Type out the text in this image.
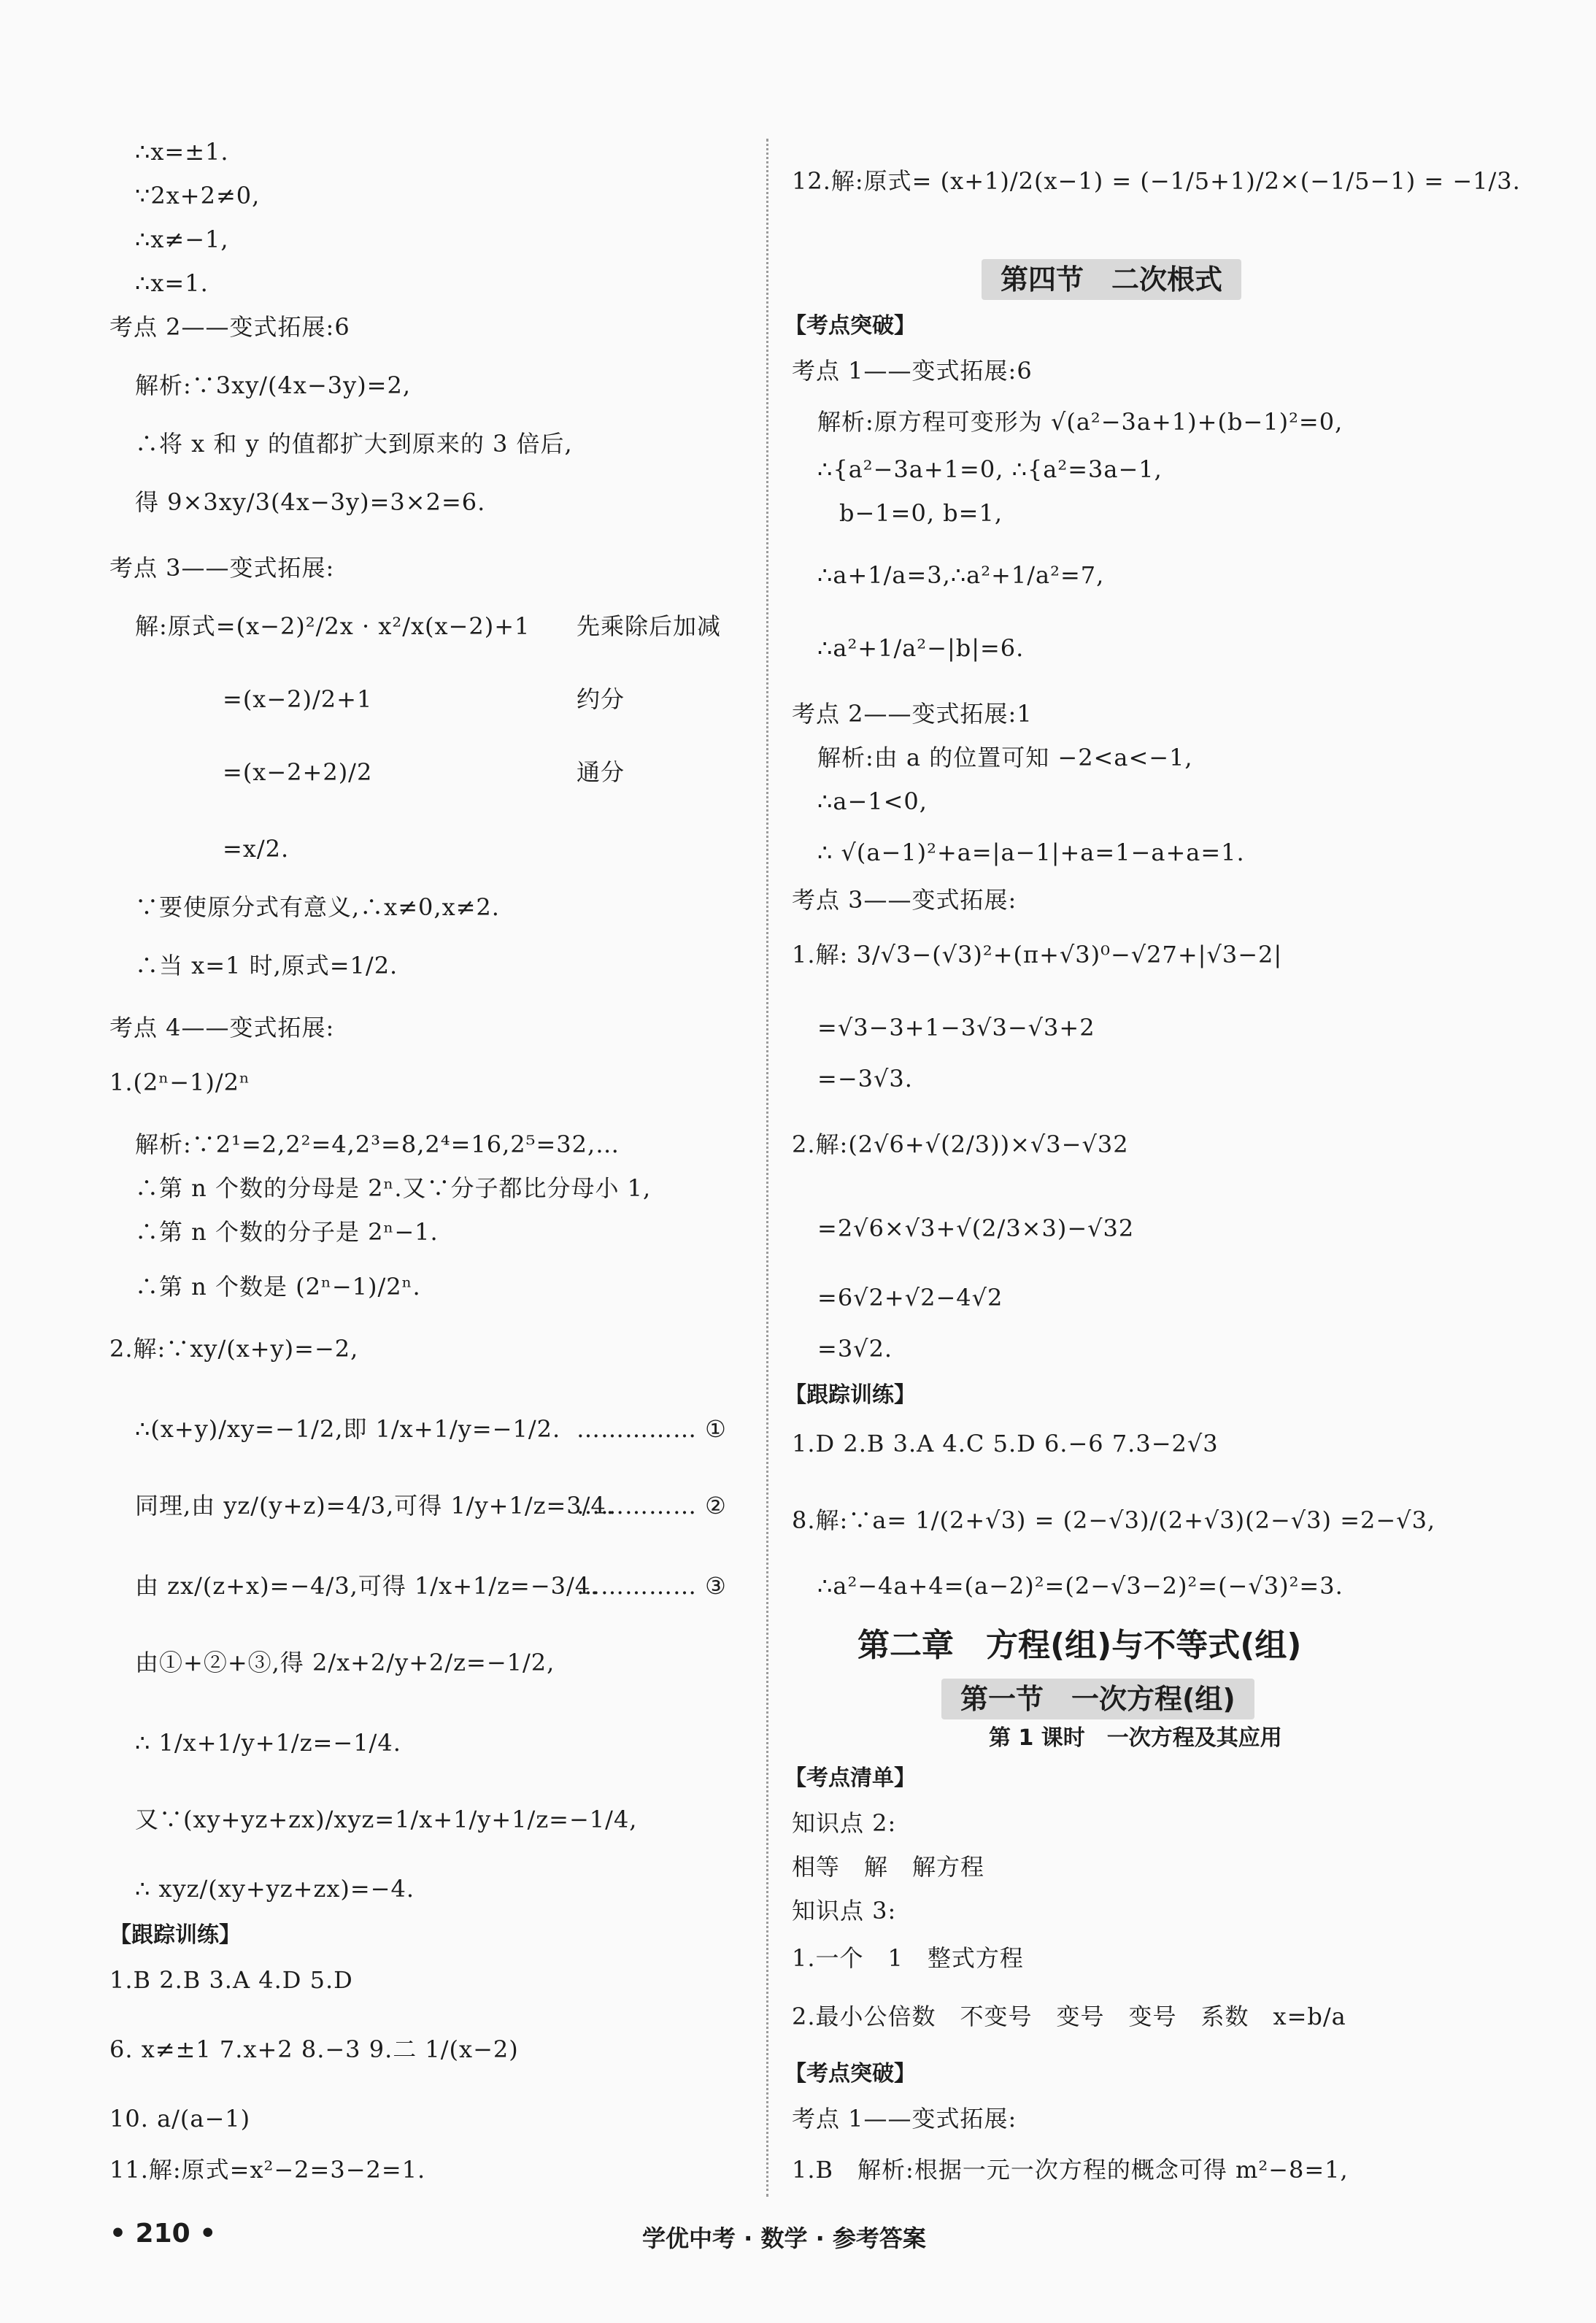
∴x=±1.
∵2x+2≠0,
∴x≠−1,
∴x=1.
考点 2——变式拓展:6
解析:∵3xy/(4x−3y)=2,
∴将 x 和 y 的值都扩大到原来的 3 倍后,
得 9×3xy/3(4x−3y)=3×2=6.
考点 3——变式拓展:
解:原式=(x−2)²/2x · x²/x(x−2)+1 先乘除后加减
=(x−2)/2+1	约分
=(x−2+2)/2	通分
=x/2.
∵要使原分式有意义,∴x≠0,x≠2.
∴当 x=1 时,原式=1/2.
考点 4——变式拓展:
1.(2ⁿ−1)/2ⁿ
解析:∵2¹=2,2²=4,2³=8,2⁴=16,2⁵=32,…
∴第 n 个数的分母是 2ⁿ.又∵分子都比分母小 1,
∴第 n 个数的分子是 2ⁿ−1.
∴第 n 个数是 (2ⁿ−1)/2ⁿ.
2.解:∵xy/(x+y)=−2,
∴(x+y)/xy=−1/2,即 1/x+1/y=−1/2. …………… ①
同理,由 yz/(y+z)=4/3,可得 1/y+1/z=3/4.
…………… ②
由 zx/(z+x)=−4/3,可得 1/x+1/z=−3/4.
…………… ③
由①+②+③,得 2/x+2/y+2/z=−1/2,
∴ 1/x+1/y+1/z=−1/4.
又∵(xy+yz+zx)/xyz=1/x+1/y+1/z=−1/4,
∴ xyz/(xy+yz+zx)=−4.
【跟踪训练】
1.B 2.B 3.A 4.D 5.D
6. x≠±1 7.x+2 8.−3 9.二 1/(x−2)
10. a/(a−1)
11.解:原式=x²−2=3−2=1.
12.解:原式= (x+1)/2(x−1) = (−1/5+1)/2×(−1/5−1) = −1/3.
第四节　二次根式
【考点突破】
考点 1——变式拓展:6
解析:原方程可变形为 √(a²−3a+1)+(b−1)²=0,
∴{a²−3a+1=0, ∴{a²=3a−1,
b−1=0, b=1,
∴a+1/a=3,∴a²+1/a²=7,
∴a²+1/a²−|b|=6.
考点 2——变式拓展:1
解析:由 a 的位置可知 −2<a<−1,
∴a−1<0,
∴ √(a−1)²+a=|a−1|+a=1−a+a=1.
考点 3——变式拓展:
1.解: 3/√3−(√3)²+(π+√3)⁰−√27+|√3−2|
=√3−3+1−3√3−√3+2
=−3√3.
2.解:(2√6+√(2/3))×√3−√32
=2√6×√3+√(2/3×3)−√32
=6√2+√2−4√2
=3√2.
【跟踪训练】
1.D 2.B 3.A 4.C 5.D 6.−6 7.3−2√3
8.解:∵a= 1/(2+√3) = (2−√3)/(2+√3)(2−√3) =2−√3,
∴a²−4a+4=(a−2)²=(2−√3−2)²=(−√3)²=3.
第二章　方程(组)与不等式(组)
第一节　一次方程(组)
第 1 课时　一次方程及其应用
【考点清单】
知识点 2:
相等　解　解方程
知识点 3:
1.一个　1　整式方程
2.最小公倍数　不变号　变号　变号　系数　x=b/a
【考点突破】
考点 1——变式拓展:
1.B　解析:根据一元一次方程的概念可得 m²−8=1,
• 210 •	学优中考 · 数学 · 参考答案
